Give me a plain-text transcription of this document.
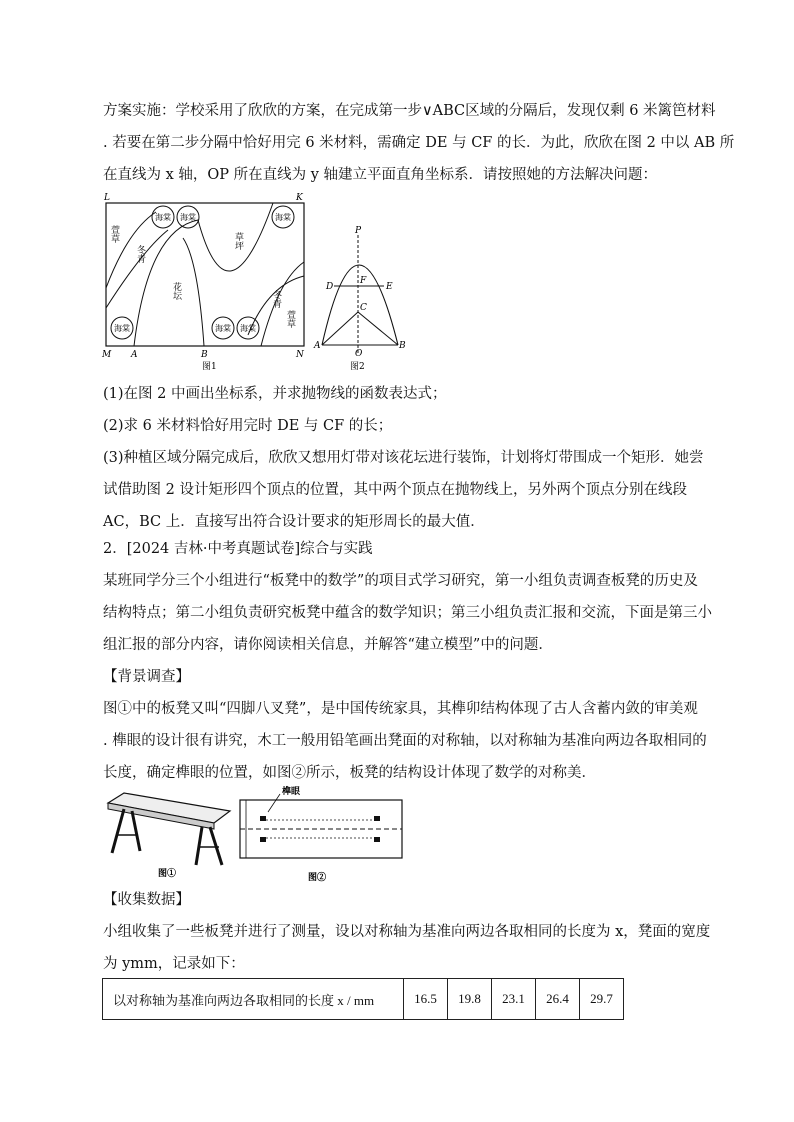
方案实施：学校采用了欣欣的方案，在完成第一步∨ABC区域的分隔后，发现仅剩 6 米篱笆材料
. 若要在第二步分隔中恰好用完 6 米材料，需确定 DE 与 CF 的长．为此，欣欣在图 2 中以 AB 所
在直线为 x 轴，OP 所在直线为 y 轴建立平面直角坐标系．请按照她的方法解决问题：
海棠 海棠	海棠
海棠	海棠 海棠
萱草
冬青
草坪
花坛	冬青
萱草
L	K
M A	B	N
图1
P
D	E
F
C
A
O
B
图2
(1)在图 2 中画出坐标系，并求抛物线的函数表达式；
(2)求 6 米材料恰好用完时 DE 与 CF 的长；
(3)种植区域分隔完成后，欣欣又想用灯带对该花坛进行装饰，计划将灯带围成一个矩形．她尝
试借助图 2 设计矩形四个顶点的位置，其中两个顶点在抛物线上，另外两个顶点分别在线段
AC，BC 上．直接写出符合设计要求的矩形周长的最大值．
2．[2024 吉林·中考真题试卷]综合与实践
某班同学分三个小组进行“板凳中的数学”的项目式学习研究，第一小组负责调查板凳的历史及
结构特点；第二小组负责研究板凳中蕴含的数学知识；第三小组负责汇报和交流，下面是第三小
组汇报的部分内容，请你阅读相关信息，并解答“建立模型”中的问题．
【背景调查】
图①中的板凳又叫“四脚八叉凳”，是中国传统家具，其榫卯结构体现了古人含蓄内敛的审美观
. 榫眼的设计很有讲究，木工一般用铅笔画出凳面的对称轴，以对称轴为基准向两边各取相同的
长度，确定榫眼的位置，如图②所示，板凳的结构设计体现了数学的对称美．
图①
榫眼
图②
【收集数据】
小组收集了一些板凳并进行了测量，设以对称轴为基准向两边各取相同的长度为 x，凳面的宽度
为 ymm，记录如下：
以对称轴为基准向两边各取相同的长度 x / mm	16.5	19.8	23.1	26.4	29.7
